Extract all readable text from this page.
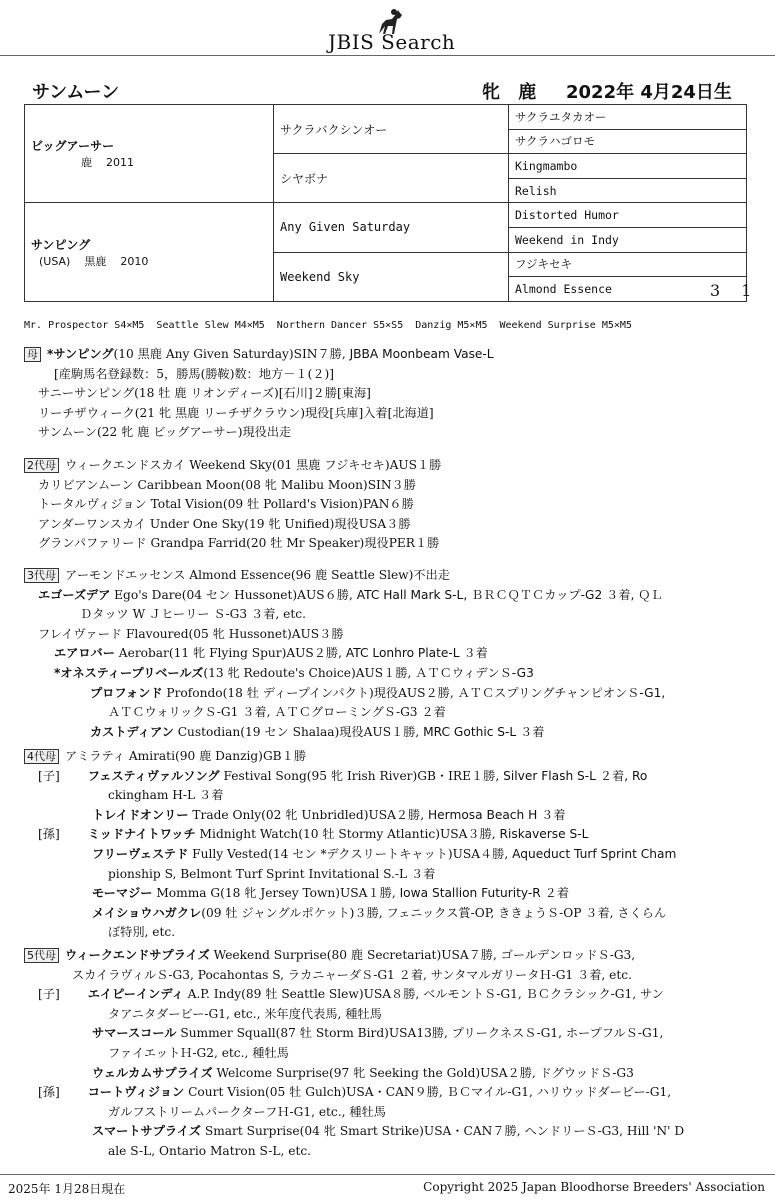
JBIS Search
サンムーン	牝 鹿 2022年 4月24日生
ビッグアーサー
鹿 2011	サクラバクシンオー	サクラユタカオー
		サクラハゴロモ
	シヤボナ	Kingmambo
		Relish

サンピング
(USA) 黒鹿 2010	Any Given Saturday	Distorted Humor
		Weekend in Indy
	Weekend Sky	フジキセキ
		Almond Essence	3 1
Mr. Prospector S4×M5 Seattle Slew M4×M5 Northern Dancer S5×S5 Danzig M5×M5 Weekend Surprise M5×M5
母 *サンピング(10 黒鹿 Any Given Saturday)SIN７勝, JBBA Moonbeam Vase-L
[産駒馬名登録数：5，勝馬(勝鞍)数：地方－１(２)]
サニーサンピング(18 牡 鹿 リオンディーズ)[石川]２勝[東海]
リーチザウィーク(21 牝 黒鹿 リーチザクラウン)現役[兵庫]入着[北海道]
サンムーン(22 牝 鹿 ビッグアーサー)現役出走
2代母 ウィークエンドスカイ Weekend Sky(01 黒鹿 フジキセキ)AUS１勝
カリビアンムーン Caribbean Moon(08 牝 Malibu Moon)SIN３勝
トータルヴィジョン Total Vision(09 牡 Pollard's Vision)PAN６勝
アンダーワンスカイ Under One Sky(19 牝 Unified)現役USA３勝
グランパファリード Grandpa Farrid(20 牡 Mr Speaker)現役PER１勝
3代母 アーモンドエッセンス Almond Essence(96 鹿 Seattle Slew)不出走
エゴーズデア Ego's Dare(04 セン Hussonet)AUS６勝, ATC Hall Mark S-L, ＢＲＣＱＴＣカップ-G2 ３着, ＱＬ
Ｄタッツ W Ｊヒーリー Ｓ-G3 ３着, etc.
フレイヴァード Flavoured(05 牝 Hussonet)AUS３勝
エアロバー Aerobar(11 牝 Flying Spur)AUS２勝, ATC Lonhro Plate-L ３着
*オネスティープリベールズ(13 牝 Redoute's Choice)AUS１勝, ＡＴＣウィデンＳ-G3
プロフォンド Profondo(18 牡 ディープインパクト)現役AUS２勝, ＡＴＣスプリングチャンピオンＳ-G1,
ＡＴＣウォリックＳ-G1 ３着, ＡＴＣグローミングＳ-G3 ２着
カストディアン Custodian(19 セン Shalaa)現役AUS１勝, MRC Gothic S-L ３着
4代母 アミラティ Amirati(90 鹿 Danzig)GB１勝
[子] フェスティヴァルソング Festival Song(95 牝 Irish River)GB・IRE１勝, Silver Flash S-L ２着, Ro
ckingham H-L ３着
トレイドオンリー Trade Only(02 牝 Unbridled)USA２勝, Hermosa Beach H ３着
[孫] ミッドナイトワッチ Midnight Watch(10 牡 Stormy Atlantic)USA３勝, Riskaverse S-L
フリーヴェステド Fully Vested(14 セン *デクスリートキャット)USA４勝, Aqueduct Turf Sprint Cham
pionship S, Belmont Turf Sprint Invitational S.-L ３着
モーマジー Momma G(18 牝 Jersey Town)USA１勝, Iowa Stallion Futurity-R ２着
メイショウハガクレ(09 牡 ジャングルポケット)３勝, フェニックス賞-OP, ききょうＳ-OP ３着, さくらん
ぼ特別, etc.
5代母 ウィークエンドサプライズ Weekend Surprise(80 鹿 Secretariat)USA７勝, ゴールデンロッドＳ-G3,
スカイラヴィルＳ-G3, Pocahontas S, ラカニャーダＳ-G1 ２着, サンタマルガリータＨ-G1 ３着, etc.
[子] エイピーインディ A.P. Indy(89 牡 Seattle Slew)USA８勝, ベルモントＳ-G1, ＢＣクラシック-G1, サン
タアニタダービー-G1, etc., 米年度代表馬, 種牡馬
サマースコール Summer Squall(87 牡 Storm Bird)USA13勝, プリークネスＳ-G1, ホープフルＳ-G1,
ファイエットＨ-G2, etc., 種牡馬
ウェルカムサプライズ Welcome Surprise(97 牝 Seeking the Gold)USA２勝, ドグウッドＳ-G3
[孫] コートヴィジョン Court Vision(05 牡 Gulch)USA・CAN９勝, ＢＣマイル-G1, ハリウッドダービー-G1,
ガルフストリームパークターフＨ-G1, etc., 種牡馬
スマートサプライズ Smart Surprise(04 牝 Smart Strike)USA・CAN７勝, ヘンドリーＳ-G3, Hill 'N' D
ale S-L, Ontario Matron S-L, etc.
2025年 1月28日現在	Copyright 2025 Japan Bloodhorse Breeders' Association
